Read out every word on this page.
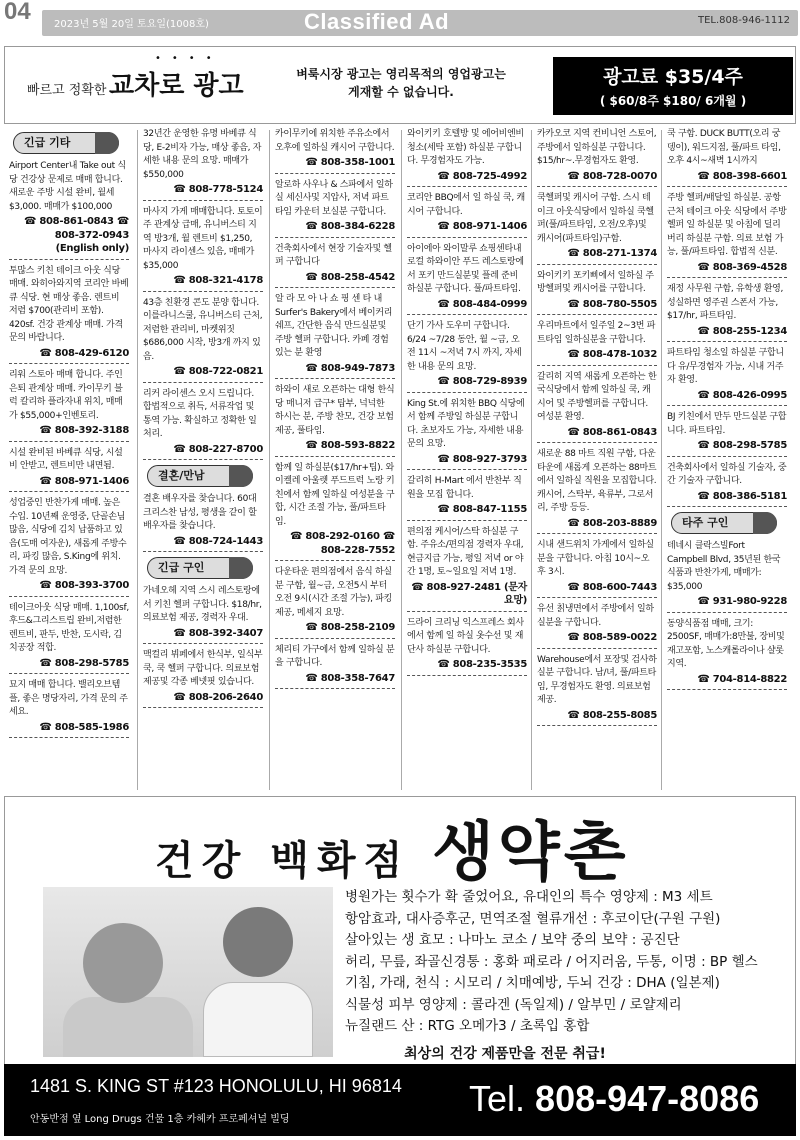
04 2023년 5월 20일 토요일(1008호)	Classified Ad	TEL.808-946-1112
빠르고 정확한
••••
교차로 광고	벼룩시장 광고는 영리목적의 영업광고는
게재할 수 없습니다.
광고료 $35/4주
( $60/8주 $180/ 6개월 )
긴급 기타
Airport Center내 Take out 식당 건강상 문제로 매매 합니다. 새로운 주방 시설 완비, 월세 $3,000. 매매가 $100,000
☎ 808-861-0843 ☎ 808-372-0943 (English only)
투많스 키친 테이크 아웃 식당 매매. 와히아와지역 코리안 바베큐 식당. 현 매상 좋음. 렌트비 저렴 $700(관리비 포함). 420sf. 건강 관계상 매매. 가격 문의 바랍니다.
☎ 808-429-6120
리워 스토아 매매 합니다. 주인 은퇴 관계상 매매. 카이무키 블럭 칼리하 플라자내 위치, 매매가 $55,000+인벤토리.
☎ 808-392-3188
시설 완비된 바베큐 식당, 시설비 안받고, 렌트비만 내면됨.
☎ 808-971-1406
성업중인 반찬가게 매매. 높은 수입. 10년째 운영중, 단골손님 많음, 식당에 김치 납품하고 있음(도매 여자운), 새롭게 주방수리, 파킹 많음, S.King에 위치. 가격 문의 요망.
☎ 808-393-3700
테이크아웃 식당 매매. 1,100sf, 후드&그리스트립 완비,저렴한 렌트비, 판두, 반찬, 도시락, 김치공장 적합.
☎ 808-298-5785
묘지 매매 합니다. 밸리오브템플, 좋은 명당자리, 가격 문의 주세요.
☎ 808-585-1986
32년간 운영한 유명 바베큐 식당, E-2비자 가능, 매상 좋음, 자세한 내용 문의 요망. 매매가 $550,000
☎ 808-778-5124
마사지 가게 매매합니다. 토토이주 관계상 급매, 유니버스티 지역 방3개, 월 렌트비 $1,250, 마사지 라이센스 있음, 매매가 $35,000
☎ 808-321-4178
43층 친환경 콘도 분양 합니다. 이를라니스쿨, 유니버스티 근처, 저렴한 관리비, 마켓위짓 $686,000 시작, 방3개 까지 있음.
☎ 808-722-0821
리커 라이센스 오시 드립니다. 합법적으로 취득, 서류작업 및 통역 가능. 확실하고 정확한 일 처리.
☎ 808-227-8700
결혼/만남
결혼 배우자를 찾습니다. 60대 크리스찬 남성, 평생을 같이 할 배우자를 찾습니다.
☎ 808-724-1443
긴급 구인
가네오헤 지역 스시 레스토랑에서 키친 헬퍼 구합니다. $18/hr, 의료보험 제공, 경력자 우대.
☎ 808-392-3407
맥컬리 뷔페에서 한식부, 일식부 쿡, 쿡 헬퍼 구합니다. 의료보험 제공및 각종 베넷핏 있습니다.
☎ 808-206-2640
카이무키에 위치한 주유소에서 오후에 일하실 캐시어 구합니다.
☎ 808-358-1001
알로하 사우나 & 스파에서 일하실 세신사및 지압사, 저녁 파트타임 카운터 보실분 구합니다.
☎ 808-384-6228
건축회사에서 현장 기술자및 헬퍼 구합니다
☎ 808-258-4542
알 라 모 아 나 쇼 핑 센 타 내 Surfer's Bakery에서 베이커리 쉐프, 간단한 음식 만드실분및 주방 헬퍼 구합니다. 카페 경험 있는 분 환영
☎ 808-949-7873
하와이 새로 오픈하는 대형 한식당 매니저 급구* 탑부, 넉넉한 하시는 분, 주방 찬모, 건강 보험 제공, 풀타임.
☎ 808-593-8822
함께 일 하실분($17/hr+팁). 와이켈레 아울렛 푸드트럭 노랑 키친에서 함께 일하실 여성분을 구합, 시간 조절 가능, 풀/파트타임.
☎ 808-292-0160 ☎ 808-228-7552
다운타운 편의점에서 음식 하실분 구함, 월~금, 오전5시 부터 오전 9시(시간 조절 가능), 파킹제공, 메세지 요망.
☎ 808-258-2109
체리티 가구에서 함께 일하실 분을 구합니다.
☎ 808-358-7647
와이키키 호텔방 및 에어비엔비 청소(세탁 포함) 하실분 구합니다. 무경험자도 가능.
☎ 808-725-4992
코리안 BBQ에서 일 하실 쿡, 캐시어 구합니다.
☎ 808-971-1406
아이에아 와이말루 쇼핑센타내 로컬 하와이안 푸드 레스토랑에서 포키 만드실분및 플레 준비 하실분 구합니다. 풀/파트타임.
☎ 808-484-0999
단기 가사 도우미 구합니다. 6/24 ~7/28 동안, 월 ~금, 오전 11시 ~저녁 7시 까지, 자세한 내용 문의 요망.
☎ 808-729-8939
King St.에 위치한 BBQ 식당에서 함께 주방일 하실분 구합니다. 초보자도 가능, 자세한 내용 문의 요망.
☎ 808-927-3793
갈리히 H-Mart 에서 반찬부 직원을 모집 합니다.
☎ 808-847-1155
편의점 케시어/스탁 하실분 구함. 주유소/편의점 경력자 우대, 현금지급 가능, 평일 저녁 or 야간 1명, 토~일요일 저녁 1명.
☎ 808-927-2481 (문자 요망)
드라이 크리닝 익스프레스 회사에서 함께 일 하실 옷수선 및 재단사 하실분 구합니다.
☎ 808-235-3535
카카오코 지역 컨비니언 스토어, 주방에서 일하실분 구합니다. $15/hr~.무경험자도 환영.
☎ 808-728-0070
쿡헬퍼및 캐시어 구함. 스시 테이크 아웃식당에서 일하실 쿡헬퍼(풀/파트타임, 오전/오후)및 캐시어(파트타임)구함.
☎ 808-271-1374
와이키키 포키삐에서 일하실 주방헬퍼및 캐시어를 구합니다.
☎ 808-780-5505
우리마트에서 일주일 2~3번 파트타임 일하실분을 구합니다.
☎ 808-478-1032
갈리히 지역 새롭게 오픈하는 한국식당에서 함께 일하실 쿡, 캐시어 및 주방헬퍼를 구합니다. 여성분 환영.
☎ 808-861-0843
새로운 88 마트 직원 구함, 다운타운에 새롭게 오픈하는 88마트에서 일하실 직원을 모집합니다. 캐시어, 스탁부, 육류부, 그로서리, 주방 등등.
☎ 808-203-8889
시내 샌드위치 가게에서 일하실 분을 구합니다. 아침 10시~오후 3시.
☎ 808-600-7443
유선 칡냉면에서 주방에서 일하실분을 구합니다.
☎ 808-589-0022
Warehouse에서 포장및 검사하실분 구합니다. 남/녀, 풀/파트타임, 무경험자도 환영. 의료보험 제공.
☎ 808-255-8085
쿡 구함. DUCK BUTT(오리 궁뎅이), 워드지점, 풀/파트 타임, 오후 4시~새벽 1시까지
☎ 808-398-6601
주방 헬퍼/배달일 하실분. 공항근처 테이크 아웃 식당에서 주방 헬퍼 일 하실분 및 아침에 딜리버리 하실분 구함. 의료 보험 가능, 풀/파트타임. 합법적 신분.
☎ 808-369-4528
재정 사무원 구함, 유학생 환영, 성실하면 영주권 스폰서 가능, $17/hr, 파트타임.
☎ 808-255-1234
파트타임 청소일 하실분 구합니다 유/무경험자 가능, 시내 거주자 환영.
☎ 808-426-0995
BJ 키친에서 만두 만드실분 구합니다. 파트타임.
☎ 808-298-5785
건축회사에서 일하실 기술자, 중간 기술자 구합니다.
☎ 808-386-5181
타주 구인
테네시 클락스빌Fort Campbell Blvd, 35년된 한국식품과 반찬가게, 매매가: $35,000
☎ 931-980-9228
동양식품점 매매, 크기: 2500SF, 매매가:8만불, 장비및 재고포함, 노스캐롤라이나 샬롯지역.
☎ 704-814-8822
건강 백화점 생약촌
병원가는 횟수가 확 줄었어요, 유대인의 특수 영양제 : M3 세트
항암효과, 대사증후군, 면역조절 혈류개선 : 후코이단(구원 구원)
살아있는 생 효모 : 나마노 코소 / 보약 중의 보약 : 공진단
허리, 무릎, 좌골신경통 : 홍화 패로라 / 어지러움, 두통, 이명 : BP 헬스
기침, 가래, 천식 : 시모리 / 치매예방, 두뇌 건강 : DHA (일본제)
식물성 피부 영양제 : 콜라겐 (독일제) / 알부민 / 로얄제리
뉴질랜드 산 : RTG 오메가3 / 초록입 홍합
최상의 건강 제품만을 전문 취급!
1481 S. KING ST #123 HONOLULU, HI 96814
안동반점 옆 Long Drugs 건물 1층 카헤카 프로페셔널 빌딩
Tel. 808-947-8086
